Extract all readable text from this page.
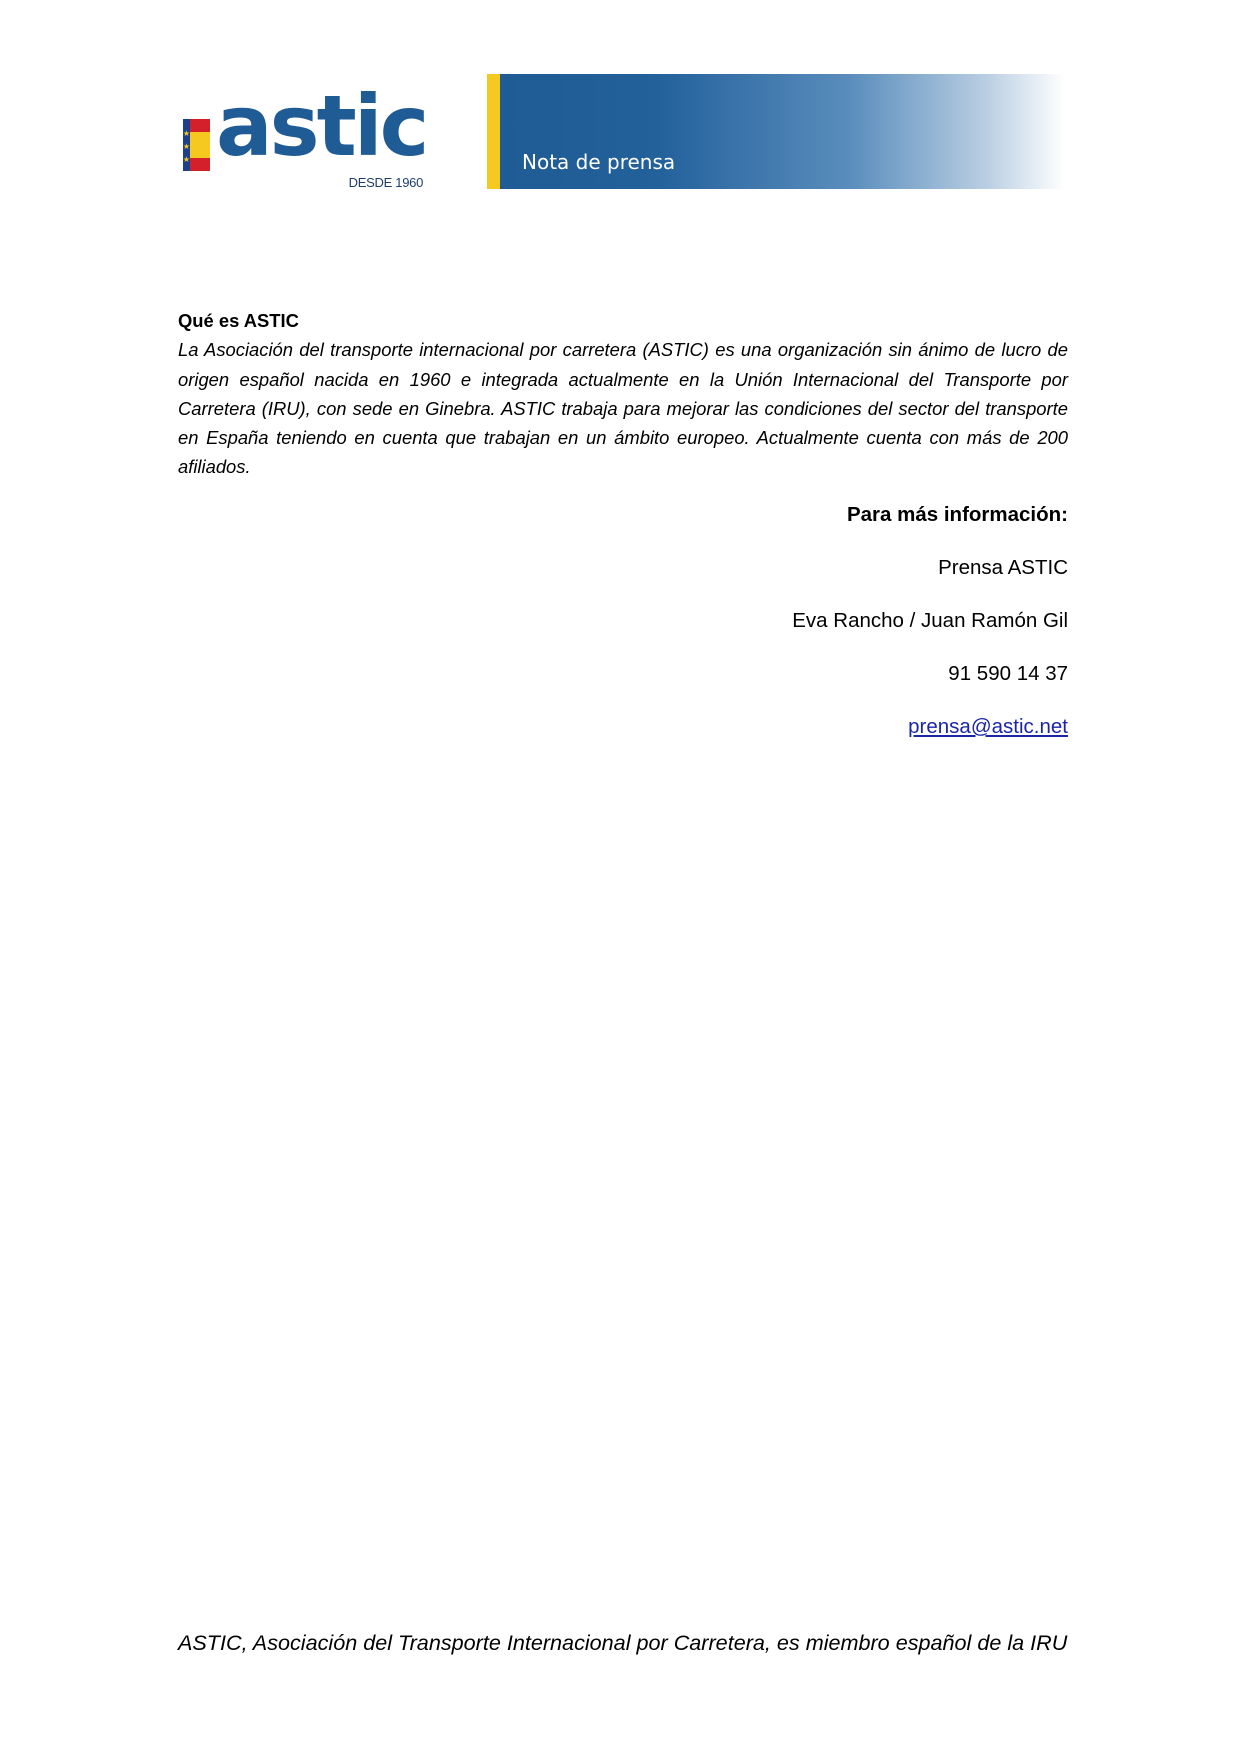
★
★
★ astic
DESDE 1960
Nota de prensa

Qué es ASTIC

La Asociación del transporte internacional por carretera (ASTIC) es una organización sin ánimo de lucro de origen español nacida en 1960 e integrada actualmente en la Unión Internacional del Transporte por Carretera (IRU), con sede en Ginebra. ASTIC trabaja para mejorar las condiciones del sector del transporte en España teniendo en cuenta que trabajan en un ámbito europeo. Actualmente cuenta con más de 200 afiliados.

Para más información:

Prensa ASTIC

Eva Rancho / Juan Ramón Gil

91 590 14 37

prensa@astic.net
ASTIC, Asociación del Transporte Internacional por Carretera, es miembro español de la IRU
